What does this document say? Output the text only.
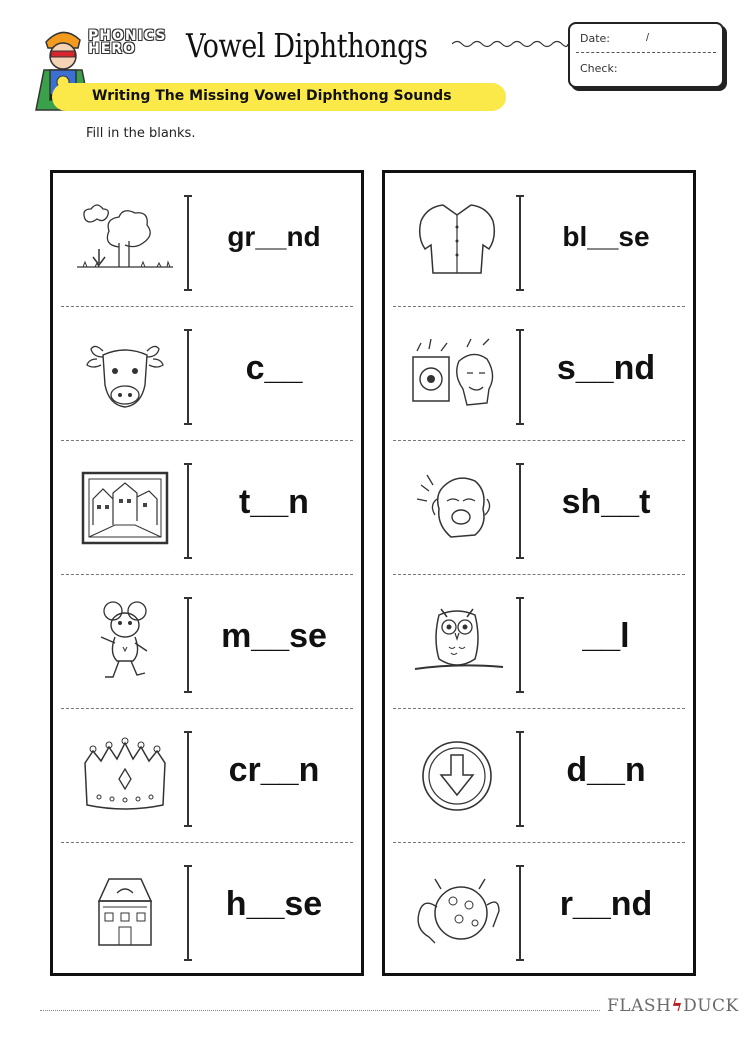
PHONICS
HERO	Vowel Diphthongs	Date:	/
Check:
Writing The Missing Vowel Diphthong Sounds
Fill in the blanks.
gr__nd
c__
t__n
m__se
cr__n
h__se
bl__se
s__nd
sh__t
__l
d__n
r__nd
FLASHϟDUCK
